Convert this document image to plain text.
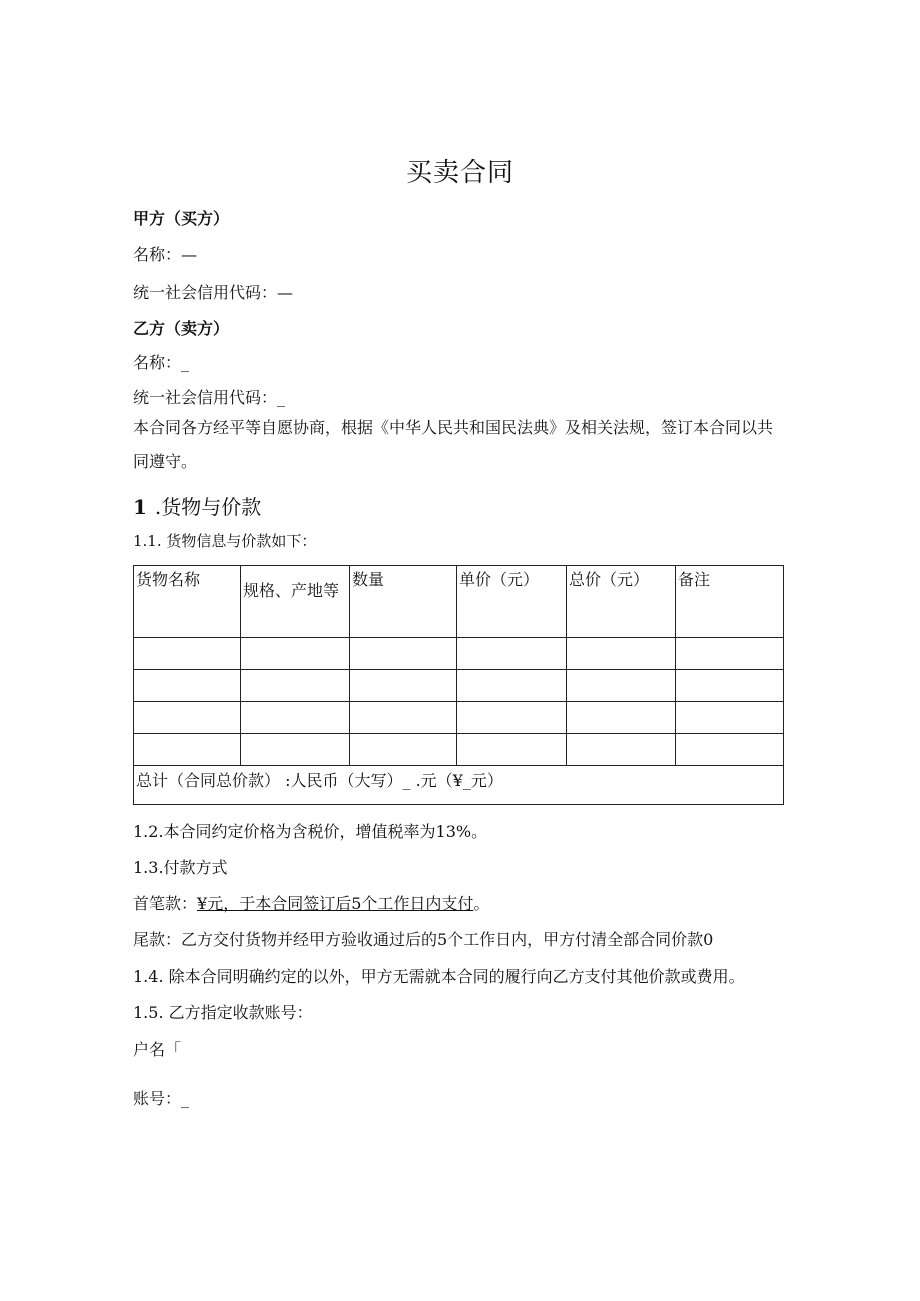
买卖合同
甲方（买方）
名称：—
统一社会信用代码：—
乙方（卖方）
名称：_
统一社会信用代码：_
本合同各方经平等自愿协商，根据《中华人民共和国民法典》及相关法规，签订本合同以共同遵守。
1 .货物与价款
1.1. 货物信息与价款如下：
货物名称	规格、产地等	数量	单价（元）	总价（元）	备注

总计（合同总价款） :人民币（大写）_ .元（¥_元）					
1.2.本合同约定价格为含税价，增值税率为13%。
1.3.付款方式
首笔款：¥元，于本合同签订后5个工作日内支付。
尾款：乙方交付货物并经甲方验收通过后的5个工作日内，甲方付清全部合同价款0
1.4. 除本合同明确约定的以外，甲方无需就本合同的履行向乙方支付其他价款或费用。
1.5. 乙方指定收款账号：
户名「
账号：_
